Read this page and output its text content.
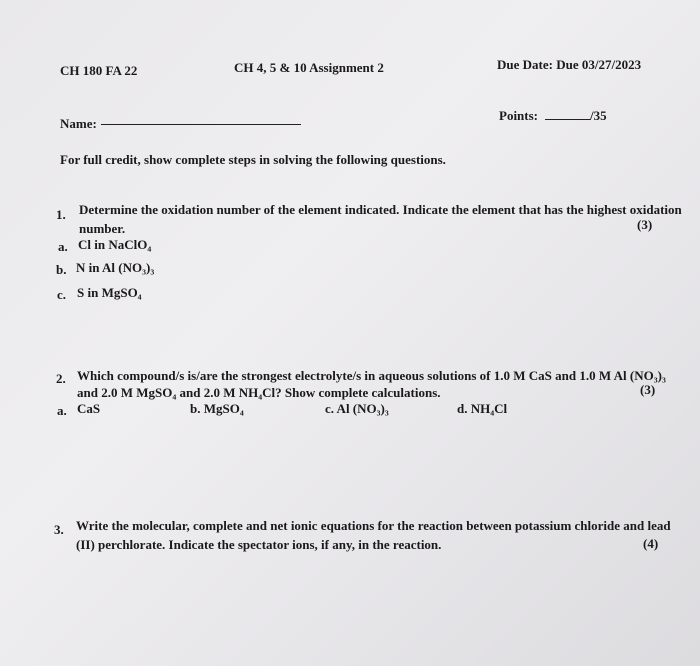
CH 180 FA 22	CH 4, 5 & 10 Assignment 2	Due Date: Due 03/27/2023
Name:
Points:	/35
For full credit, show complete steps in solving the following questions.
1. Determine the oxidation number of the element indicated. Indicate the element that has the highest oxidation
number.	(3)
a. Cl in NaClO₄
b. N in Al (NO₃)₃
c. S in MgSO₄
2. Which compound/s is/are the strongest electrolyte/s in aqueous solutions of 1.0 M CaS and 1.0 M Al (NO₃)₃
and 2.0 M MgSO₄ and 2.0 M NH₄Cl? Show complete calculations.	(3)
a. CaS	b. MgSO₄	c. Al (NO₃)₃	d. NH₄Cl
3. Write the molecular, complete and net ionic equations for the reaction between potassium chloride and lead
(II) perchlorate. Indicate the spectator ions, if any, in the reaction.	(4)
